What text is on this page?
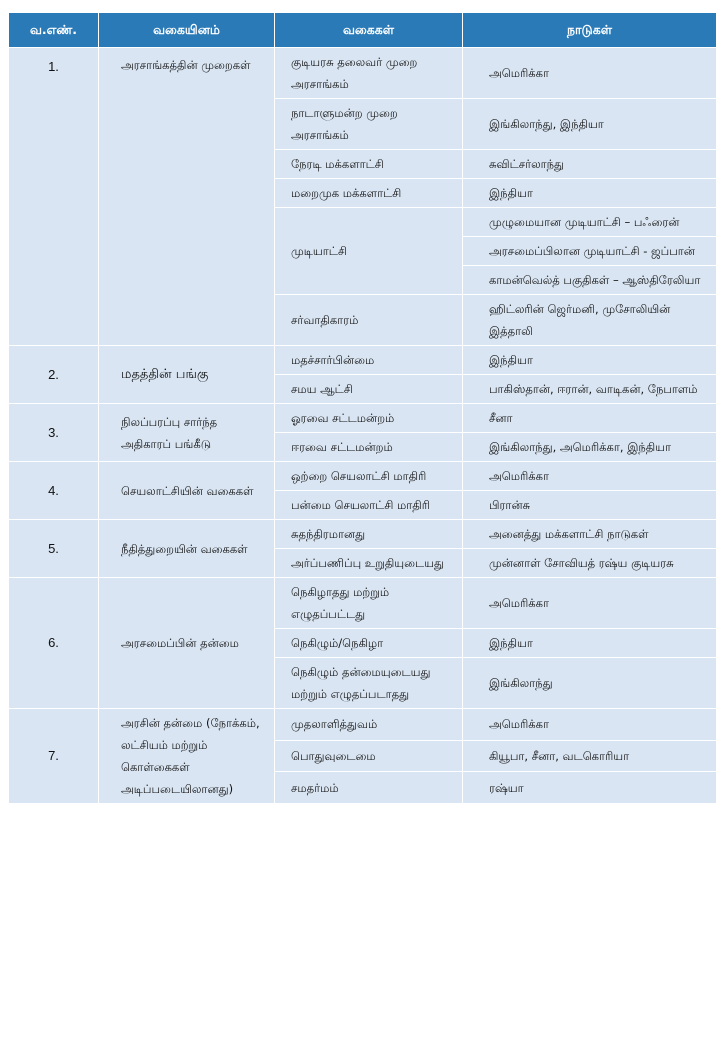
வ.எண்.	வகையினம்	வகைகள்	நாடுகள்
1.	அரசாங்கத்தின் முறைகள்	குடியரசு தலைவர் முறை அரசாங்கம்	அமெரிக்கா
		நாடாளுமன்ற முறை அரசாங்கம்	இங்கிலாந்து, இந்தியா
		நேரடி மக்களாட்சி	சுவிட்சர்லாந்து
		மறைமுக மக்களாட்சி	இந்தியா
		முடியாட்சி	முழுமையான முடியாட்சி – பஃரைன்
			அரசமைப்பிலான முடியாட்சி - ஜப்பான்
			காமன்வெல்த் பகுதிகள் – ஆஸ்திரேலியா
		சர்வாதிகாரம்	ஹிட்லரின் ஜெர்மனி, முசோலியின் இத்தாலி
2.	மதத்தின் பங்கு	மதச்சார்பின்மை	இந்தியா
		சமய ஆட்சி	பாகிஸ்தான், ஈரான், வாடிகன், நேபாளம்
3.	நிலப்பரப்பு சார்ந்த அதிகாரப் பங்கீடு	ஓரவை சட்டமன்றம்	சீனா
		ஈரவை சட்டமன்றம்	இங்கிலாந்து, அமெரிக்கா, இந்தியா
4.	செயலாட்சியின் வகைகள்	ஒற்றை செயலாட்சி மாதிரி	அமெரிக்கா
		பன்மை செயலாட்சி மாதிரி	பிரான்சு
5.	நீதித்துறையின் வகைகள்	சுதந்திரமானது	அனைத்து மக்களாட்சி நாடுகள்
		அர்ப்பணிப்பு உறுதியுடையது	முன்னாள் சோவியத் ரஷ்ய குடியரசு
6.	அரசமைப்பின் தன்மை	நெகிழாதது மற்றும் எழுதப்பட்டது	அமெரிக்கா
		நெகிழும்/நெகிழா	இந்தியா
		நெகிழும் தன்மையுடையது மற்றும் எழுதப்படாதது	இங்கிலாந்து
7.	அரசின் தன்மை (நோக்கம், லட்சியம் மற்றும் கொள்கைகள் அடிப்படையிலானது)	முதலாளித்துவம்	அமெரிக்கா
		பொதுவுடைமை	கியூபா, சீனா, வடகொரியா
		சமதர்மம்	ரஷ்யா
